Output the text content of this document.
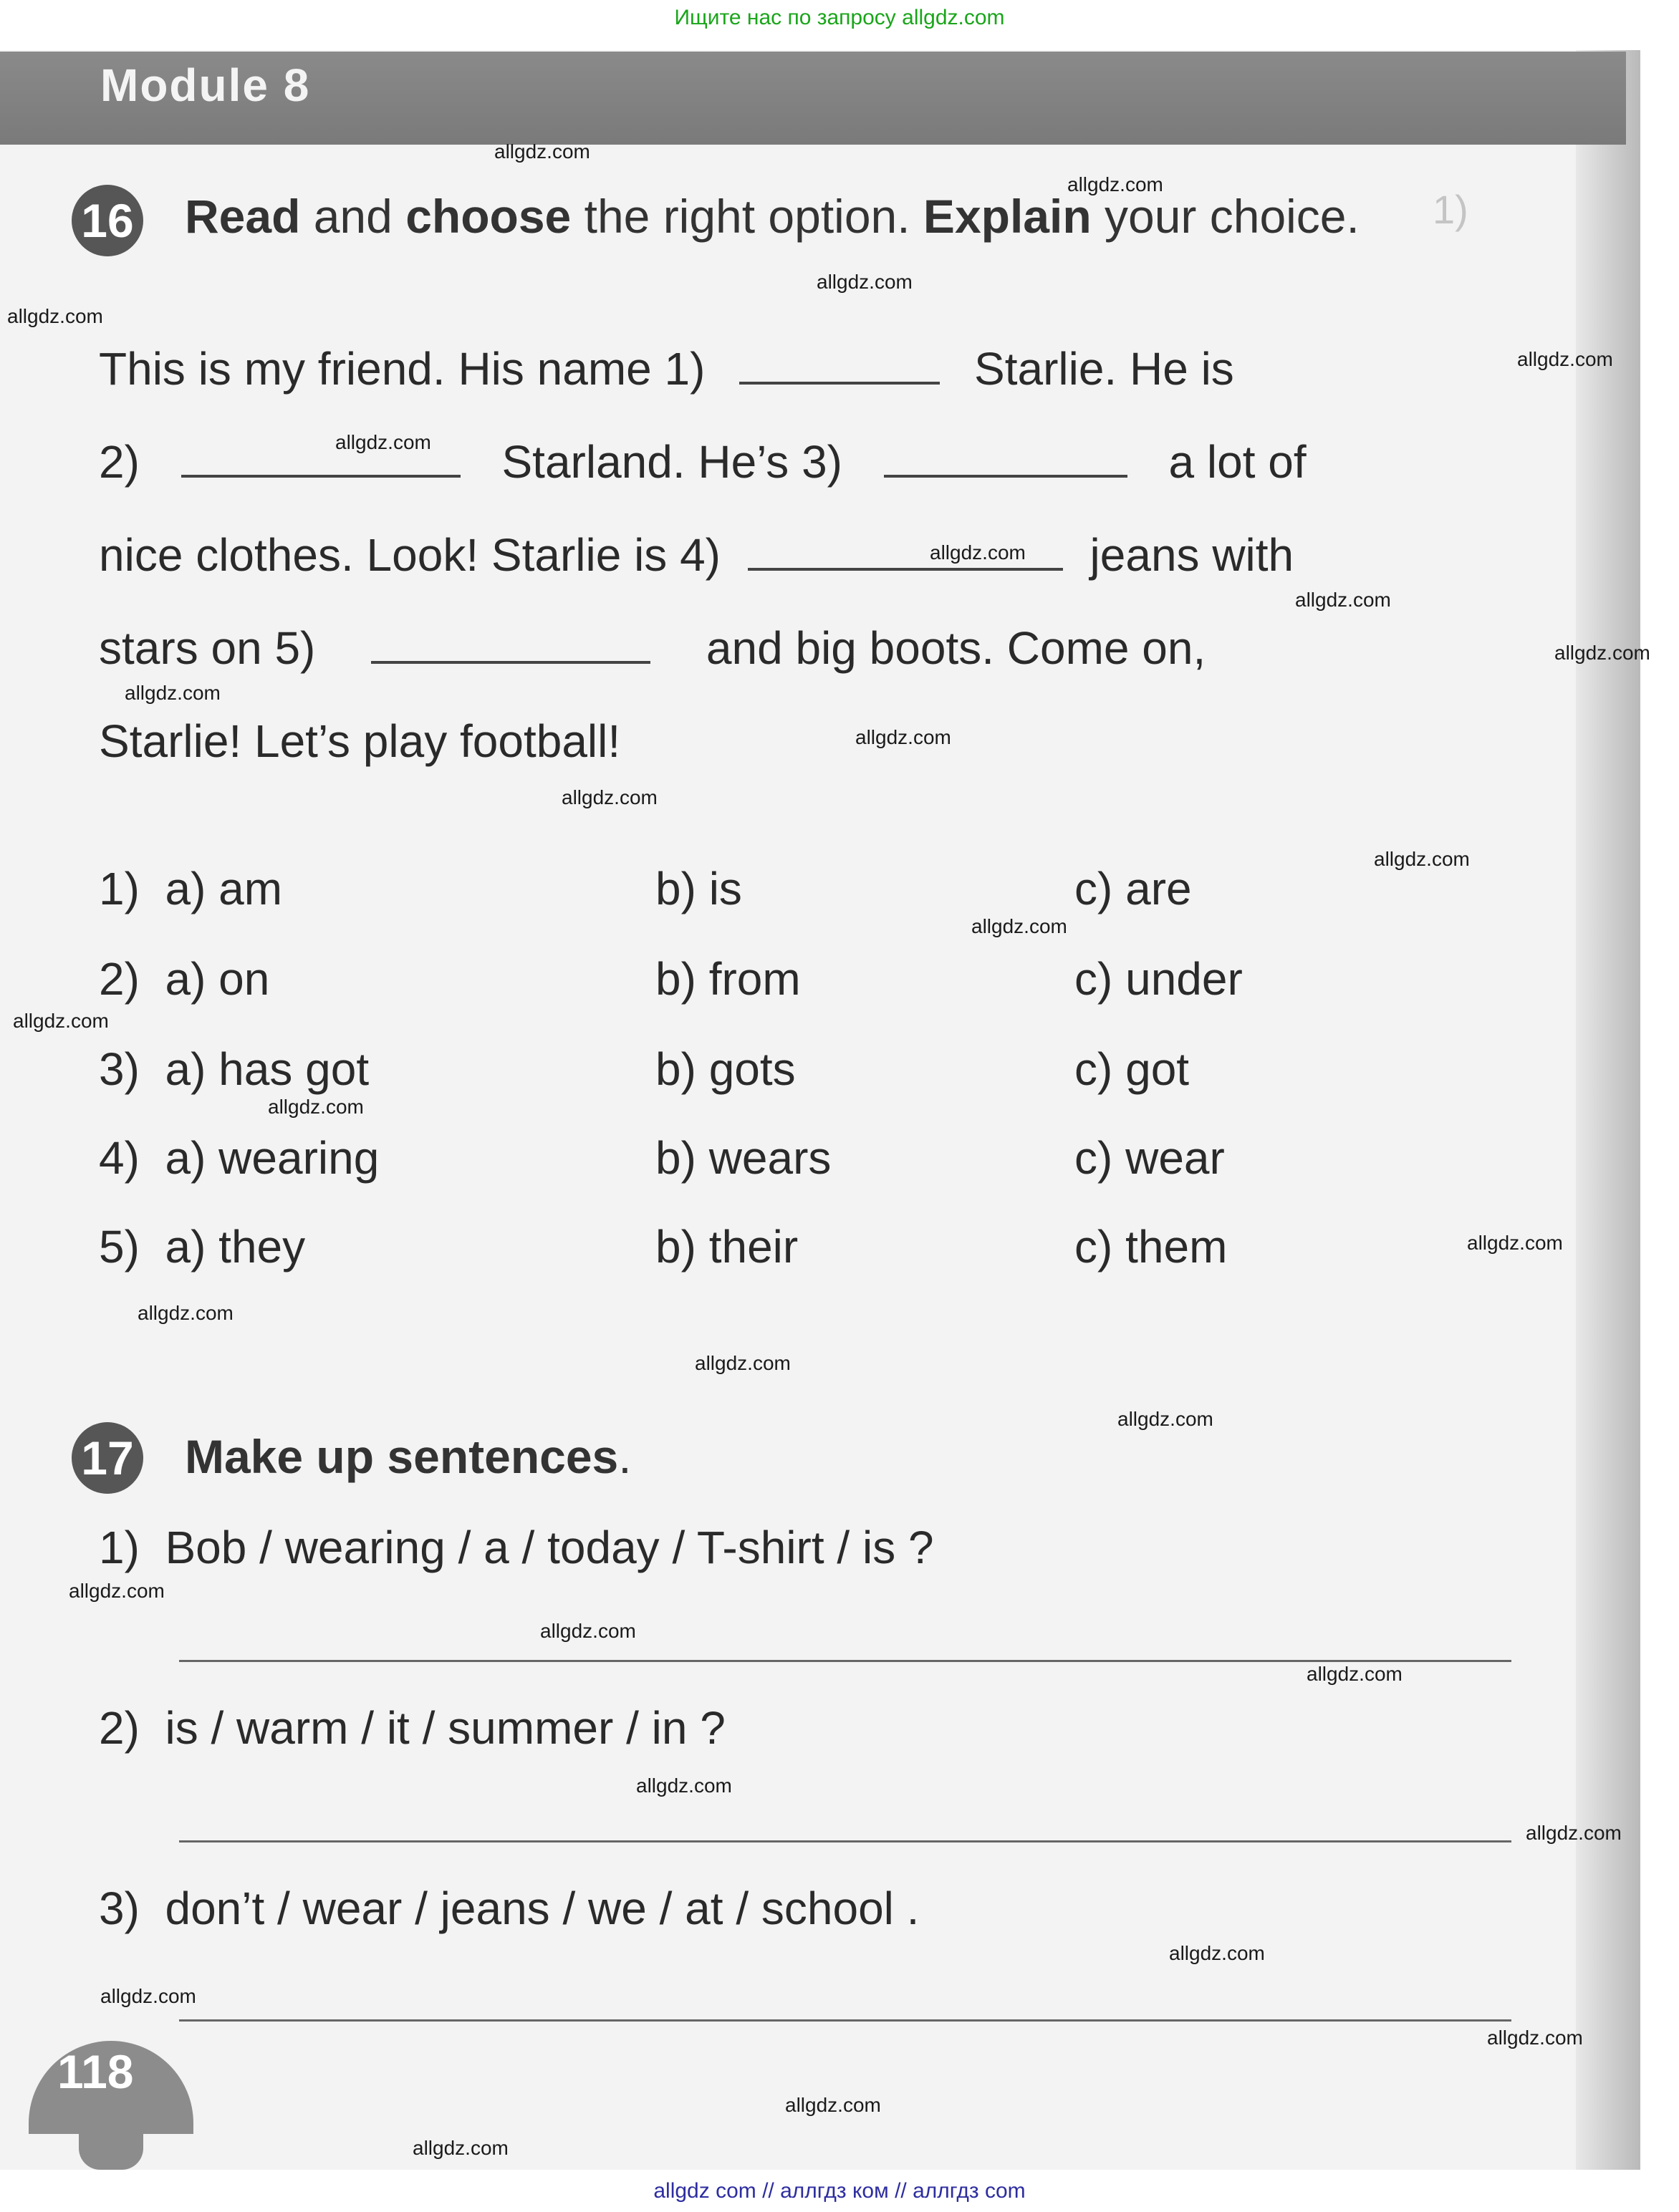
Ищите нас по запросу allgdz.com
allgdz com // аллгдз ком // аллгдз com
Module 8
1)
16 Read and choose the right option. Explain your choice.
This is my friend. His name 1)	Starlie. He is
2)	Starland. He’s 3)	a lot of
nice clothes. Look! Starlie is 4)	jeans with
stars on 5)	and big boots. Come on,
Starlie! Let’s play football!
1) a) am	b) is	c) are
2) a) on	b) from	c) under
3) a) has got	b) gots	c) got
4) a) wearing	b) wears	c) wear
5) a) they	b) their	c) them
17 Make up sentences.
1) Bob / wearing / a / today / T-shirt / is ?
2) is / warm / it / summer / in ?
3) don’t / wear / jeans / we / at / school .
118
allgdz.com
allgdz.com
allgdz.com
allgdz.com
allgdz.com
allgdz.com
allgdz.com
allgdz.com
allgdz.com
allgdz.com
allgdz.com
allgdz.com
allgdz.com
allgdz.com
allgdz.com
allgdz.com
allgdz.com
allgdz.com
allgdz.com
allgdz.com
allgdz.com
allgdz.com
allgdz.com
allgdz.com
allgdz.com
allgdz.com
allgdz.com
allgdz.com
allgdz.com
allgdz.com
